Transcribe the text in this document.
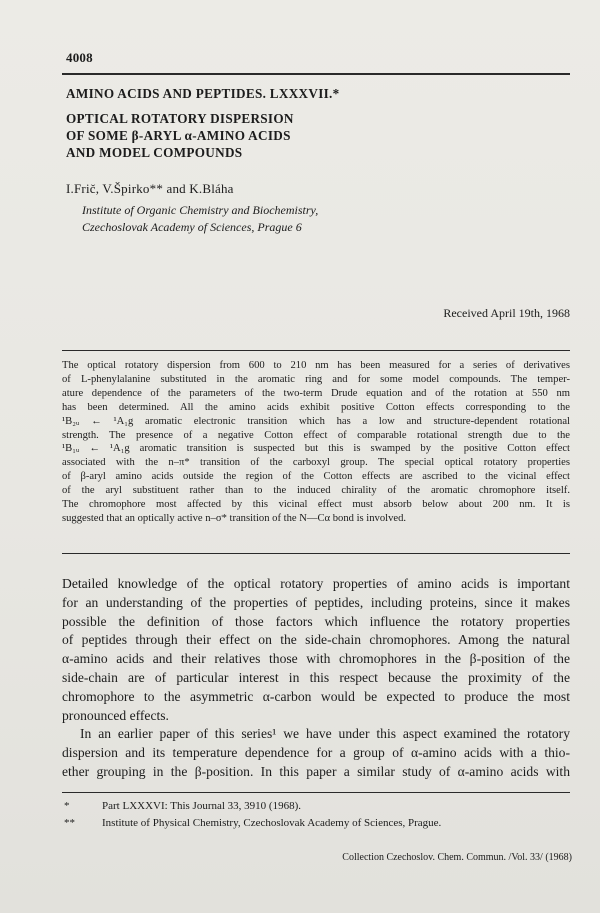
4008
AMINO ACIDS AND PEPTIDES. LXXXVII.*
OPTICAL ROTATORY DISPERSION
OF SOME β-ARYL α-AMINO ACIDS
AND MODEL COMPOUNDS
I.Frič, V.Špirko** and K.Bláha
Institute of Organic Chemistry and Biochemistry,
Czechoslovak Academy of Sciences, Prague 6
Received April 19th, 1968
The optical rotatory dispersion from 600 to 210 nm has been measured for a series of derivatives
of L-phenylalanine substituted in the aromatic ring and for some model compounds. The temper-
ature dependence of the parameters of the two-term Drude equation and of the rotation at 550 nm
has been determined. All the amino acids exhibit positive Cotton effects corresponding to the
¹B₂ᵤ ← ¹A₁g aromatic electronic transition which has a low and structure-dependent rotational
strength. The presence of a negative Cotton effect of comparable rotational strength due to the
¹B₁ᵤ ← ¹A₁g aromatic transition is suspected but this is swamped by the positive Cotton effect
associated with the n–π* transition of the carboxyl group. The special optical rotatory properties
of β-aryl amino acids outside the region of the Cotton effects are ascribed to the vicinal effect
of the aryl substituent rather than to the induced chirality of the aromatic chromophore itself.
The chromophore most affected by this vicinal effect must absorb below about 200 nm. It is
suggested that an optically active n–σ* transition of the N—Cα bond is involved.
Detailed knowledge of the optical rotatory properties of amino acids is important
for an understanding of the properties of peptides, including proteins, since it makes
possible the definition of those factors which influence the rotatory properties
of peptides through their effect on the side-chain chromophores. Among the natural
α-amino acids and their relatives those with chromophores in the β-position of the
side-chain are of particular interest in this respect because the proximity of the
chromophore to the asymmetric α-carbon would be expected to produce the most
pronounced effects.
In an earlier paper of this series¹ we have under this aspect examined the rotatory
dispersion and its temperature dependence for a group of α-amino acids with a thio-
ether grouping in the β-position. In this paper a similar study of α-amino acids with
*	Part LXXXVI: This Journal 33, 3910 (1968).
**	Institute of Physical Chemistry, Czechoslovak Academy of Sciences, Prague.
Collection Czechoslov. Chem. Commun. /Vol. 33/ (1968)
